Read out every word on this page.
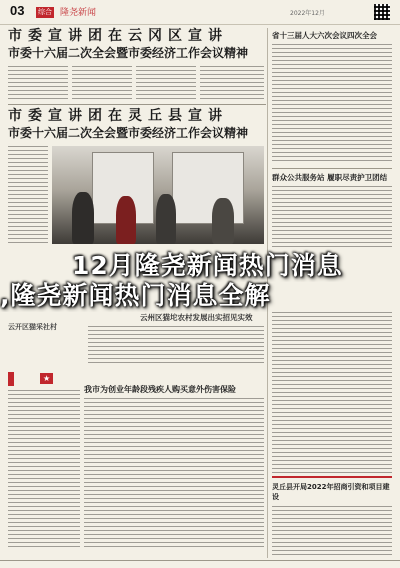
03 综合 隆尧新闻	2022年12月
市委宣讲团在云冈区宣讲
市委十六届二次全会暨市委经济工作会议精神
市委宣讲团在灵丘县宣讲
市委十六届二次全会暨市委经济工作会议精神
省十三届人大六次会议四次全会
群众公共服务站 履职尽责护卫团结
12月隆尧新闻热门消息
,隆尧新闻热门消息全解
云开区猫采社村
云州区猫坨农村发展出实招见实效
★
我市为创业年龄段残疾人购买意外伤害保险
灵丘县开局2022年招商引资和项目建设
